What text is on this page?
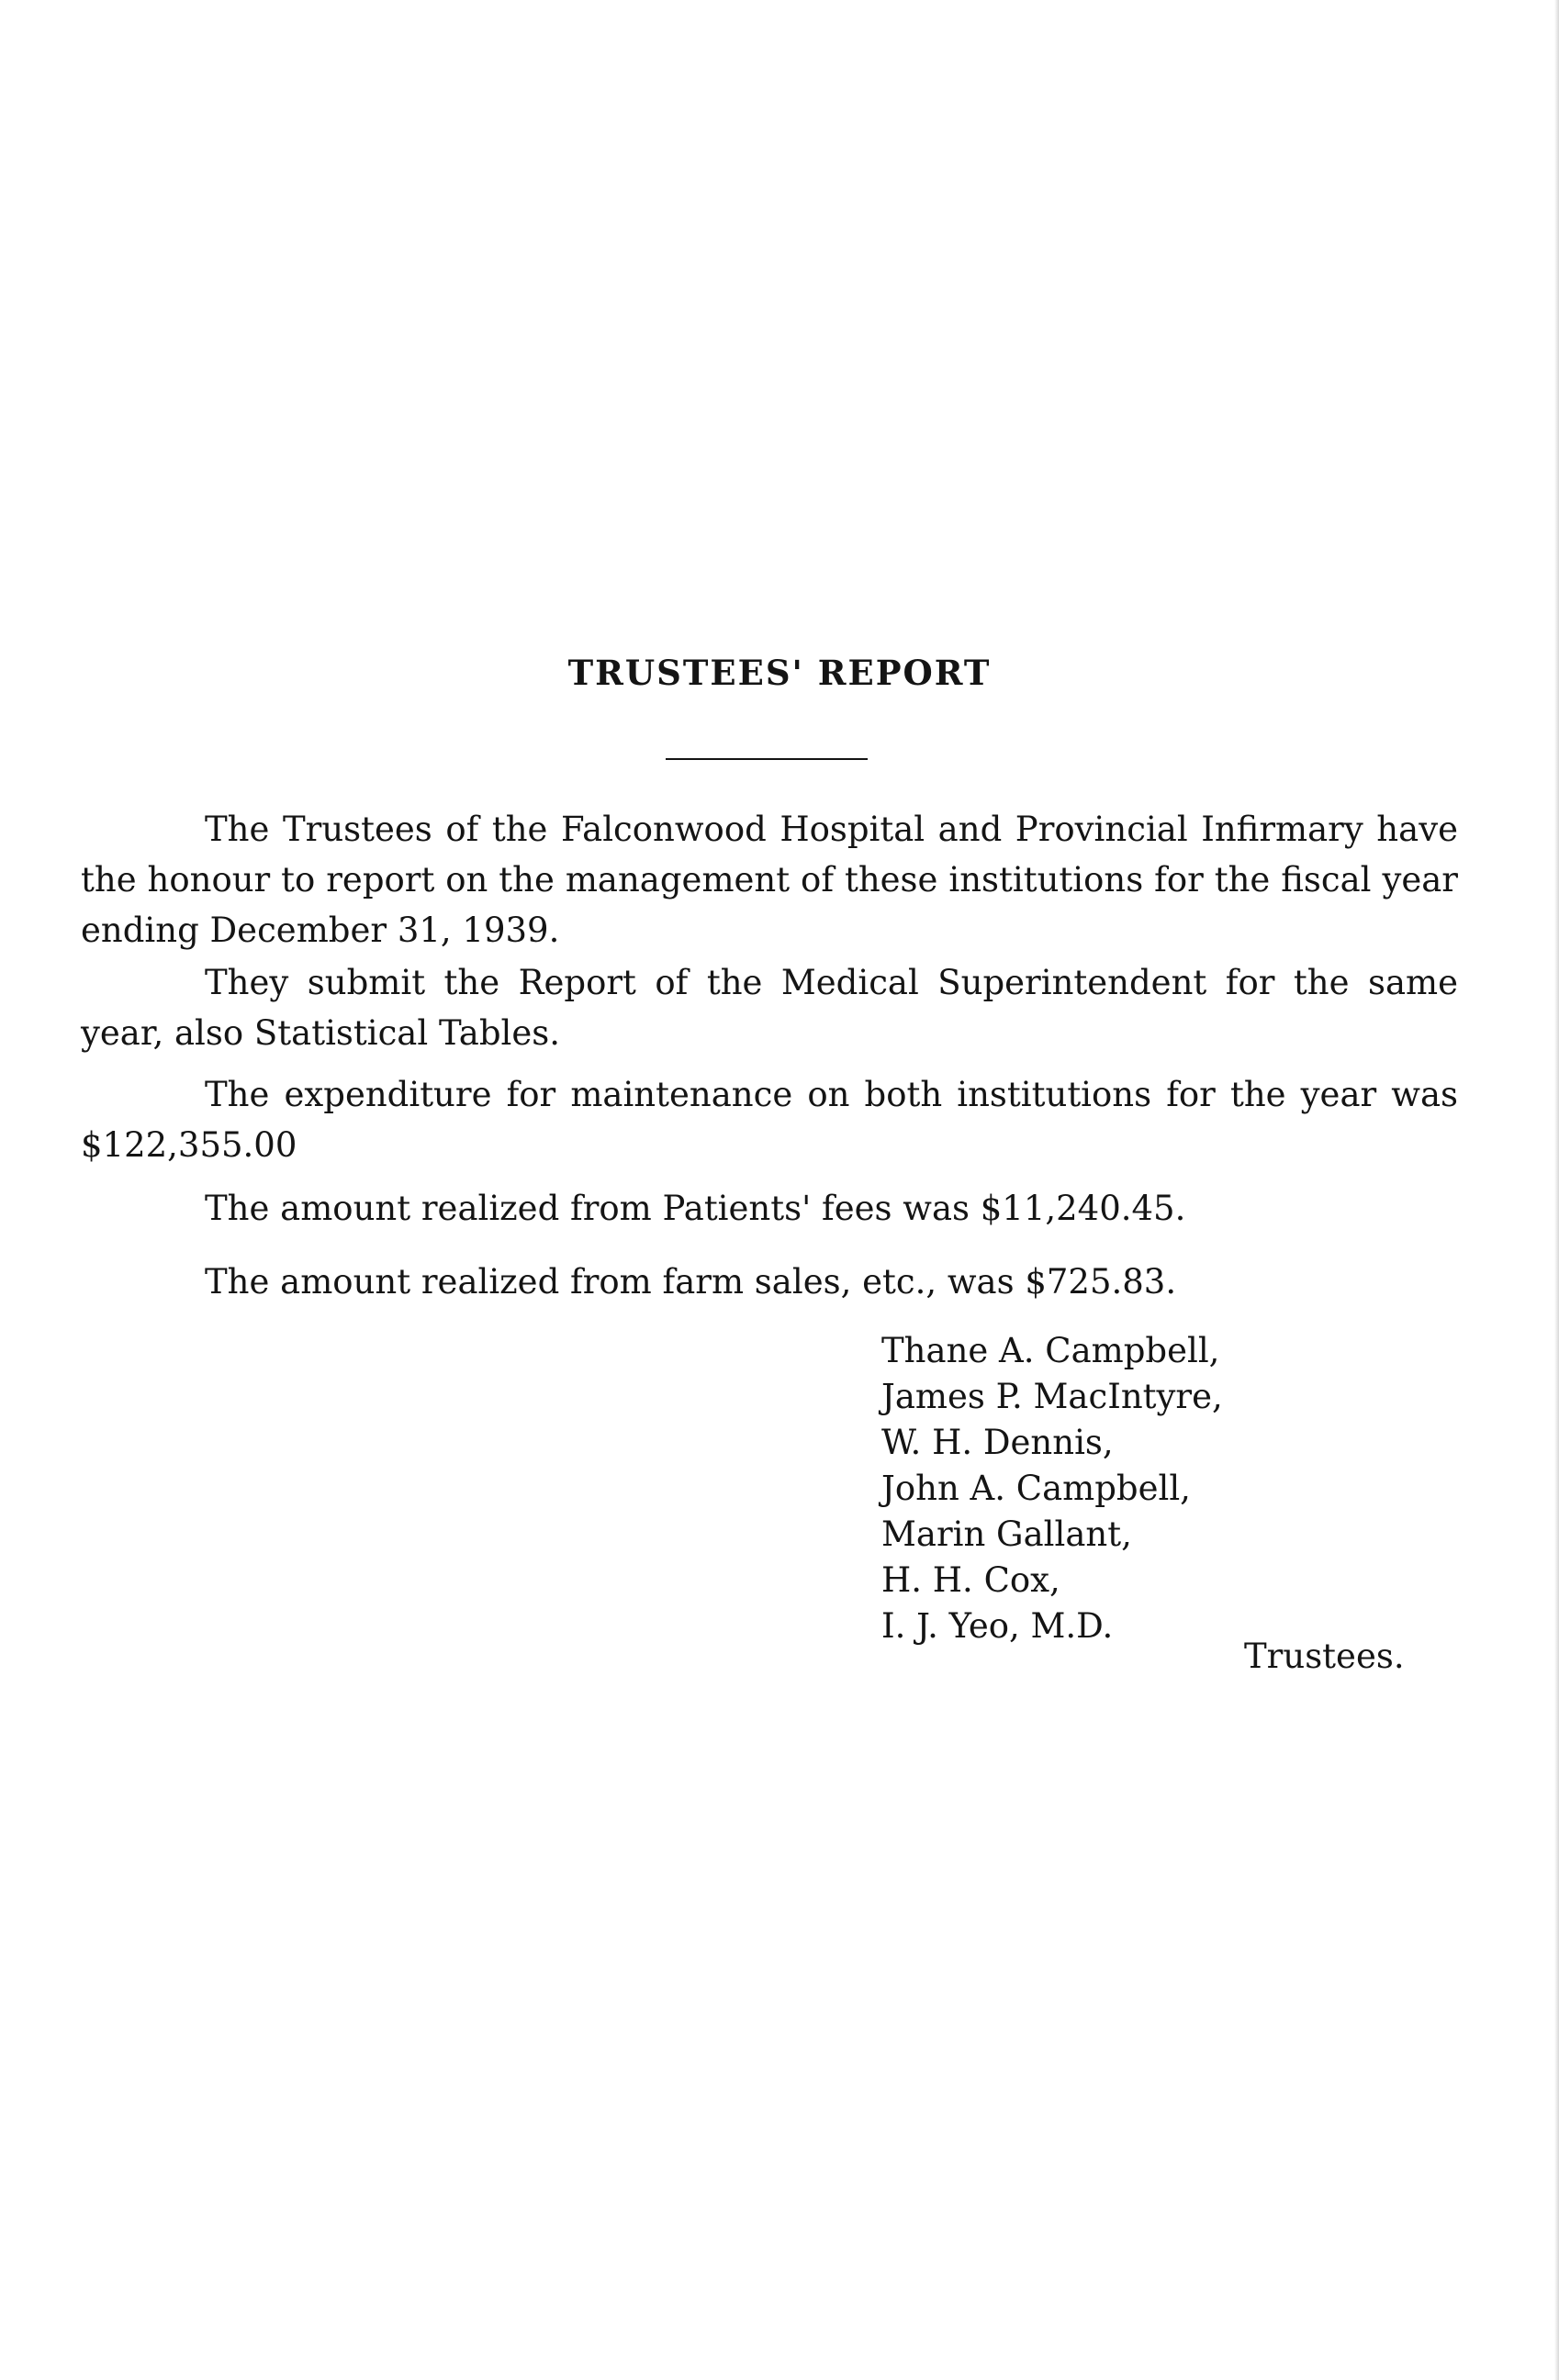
TRUSTEES' REPORT

The Trustees of the Falconwood Hospital and Provincial Infirmary have the honour to report on the management of these institutions for the fiscal year ending December 31, 1939.

They submit the Report of the Medical Superintendent for the same year, also Statistical Tables.

The expenditure for maintenance on both institutions for the year was $122,355.00

The amount realized from Patients' fees was $11,240.45.

The amount realized from farm sales, etc., was $725.83.

Thane A. Campbell,
James P. MacIntyre,
W. H. Dennis,
John A. Campbell,
Marin Gallant,
H. H. Cox,
I. J. Yeo, M.D.
Trustees.
